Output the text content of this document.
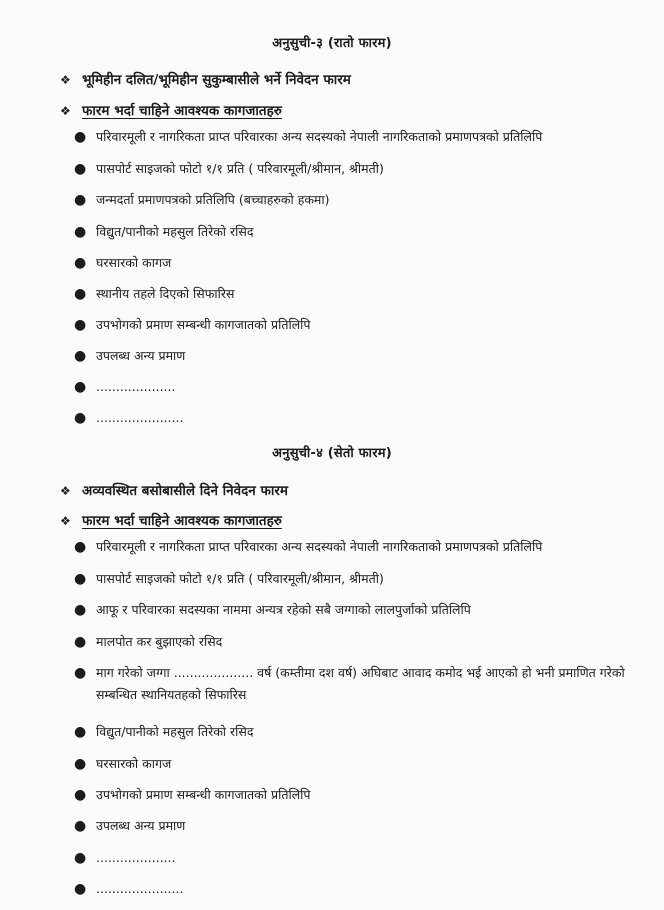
अनुसुची-३ (रातो फारम)
❖ भूमिहीन दलित/भूमिहीन सुकुम्बासीले भर्ने निवेदन फारम
❖ फारम भर्दा चाहिने आवश्यक कागजातहरु
● परिवारमूली र नागरिकता प्राप्त परिवारका अन्य सदस्यको नेपाली नागरिकताको प्रमाणपत्रको प्रतिलिपि
● पासपोर्ट साइजको फोटो १/१ प्रति ( परिवारमूली/श्रीमान, श्रीमती)
● जन्मदर्ता प्रमाणपत्रको प्रतिलिपि (बच्चाहरुको हकमा)
● विद्युत/पानीको महसुल तिरेको रसिद
● घरसारको कागज
● स्थानीय तहले दिएको सिफारिस
● उपभोगको प्रमाण सम्बन्धी कागजातको प्रतिलिपि
● उपलब्ध अन्य प्रमाण
● ....................
● ......................
अनुसुची-४ (सेतो फारम)
❖ अव्यवस्थित बसोबासीले दिने निवेदन फारम
❖ फारम भर्दा चाहिने आवश्यक कागजातहरु
● परिवारमूली र नागरिकता प्राप्त परिवारका अन्य सदस्यको नेपाली नागरिकताको प्रमाणपत्रको प्रतिलिपि
● पासपोर्ट साइजको फोटो १/१ प्रति ( परिवारमूली/श्रीमान, श्रीमती)
● आफू र परिवारका सदस्यका नाममा अन्यत्र रहेको सबै जग्गाको लालपुर्जाको प्रतिलिपि
● मालपोत कर बुझाएको रसिद
● माग गरेको जग्गा .................... वर्ष (कम्तीमा दश वर्ष) अघिबाट आवाद कमोद भई आएको हो भनी प्रमाणित गरेको सम्बन्धित स्थानियतहको सिफारिस
● विद्युत/पानीको महसुल तिरेको रसिद
● घरसारको कागज
● उपभोगको प्रमाण सम्बन्धी कागजातको प्रतिलिपि
● उपलब्ध अन्य प्रमाण
● ....................
● ......................
